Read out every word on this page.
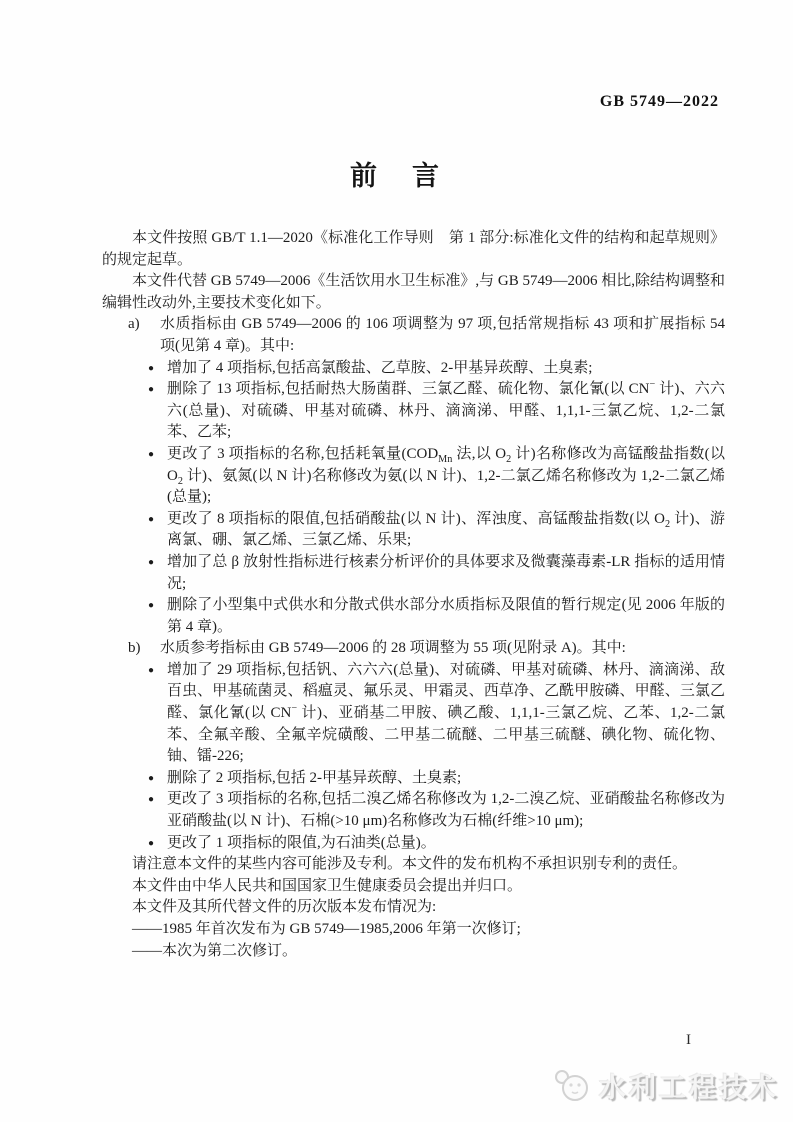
GB 5749—2022
前　言

本文件按照 GB/T 1.1—2020《标准化工作导则　第 1 部分:标准化文件的结构和起草规则》的规定起草。

本文件代替 GB 5749—2006《生活饮用水卫生标准》,与 GB 5749—2006 相比,除结构调整和编辑性改动外,主要技术变化如下。

a) 水质指标由 GB 5749—2006 的 106 项调整为 97 项,包括常规指标 43 项和扩展指标 54 项(见第 4 章)。其中:
● 增加了 4 项指标,包括高氯酸盐、乙草胺、2-甲基异莰醇、土臭素;
● 删除了 13 项指标,包括耐热大肠菌群、三氯乙醛、硫化物、氯化氰(以 CN− 计)、六六六(总量)、对硫磷、甲基对硫磷、林丹、滴滴涕、甲醛、1,1,1-三氯乙烷、1,2-二氯苯、乙苯;
● 更改了 3 项指标的名称,包括耗氧量($COD_{Mn}$ 法,以 $O_2$ 计)名称修改为高锰酸盐指数(以 $O_2$ 计)、氨氮(以 N 计)名称修改为氨(以 N 计)、1,2-二氯乙烯名称修改为 1,2-二氯乙烯(总量);
● 更改了 8 项指标的限值,包括硝酸盐(以 N 计)、浑浊度、高锰酸盐指数(以 $O_2$ 计)、游离氯、硼、氯乙烯、三氯乙烯、乐果;
● 增加了总 β 放射性指标进行核素分析评价的具体要求及微囊藻毒素-LR 指标的适用情况;
● 删除了小型集中式供水和分散式供水部分水质指标及限值的暂行规定(见 2006 年版的第 4 章)。
b) 水质参考指标由 GB 5749—2006 的 28 项调整为 55 项(见附录 A)。其中:
● 增加了 29 项指标,包括钒、六六六(总量)、对硫磷、甲基对硫磷、林丹、滴滴涕、敌百虫、甲基硫菌灵、稻瘟灵、氟乐灵、甲霜灵、西草净、乙酰甲胺磷、甲醛、三氯乙醛、氯化氰(以 CN− 计)、亚硝基二甲胺、碘乙酸、1,1,1-三氯乙烷、乙苯、1,2-二氯苯、全氟辛酸、全氟辛烷磺酸、二甲基二硫醚、二甲基三硫醚、碘化物、硫化物、铀、镭-226;
● 删除了 2 项指标,包括 2-甲基异莰醇、土臭素;
● 更改了 3 项指标的名称,包括二溴乙烯名称修改为 1,2-二溴乙烷、亚硝酸盐名称修改为亚硝酸盐(以 N 计)、石棉(>10 μm)名称修改为石棉(纤维>10 μm);
● 更改了 1 项指标的限值,为石油类(总量)。

请注意本文件的某些内容可能涉及专利。本文件的发布机构不承担识别专利的责任。

本文件由中华人民共和国国家卫生健康委员会提出并归口。

本文件及其所代替文件的历次版本发布情况为:

——1985 年首次发布为 GB 5749—1985,2006 年第一次修订;

——本次为第二次修订。

I
水利工程技术
